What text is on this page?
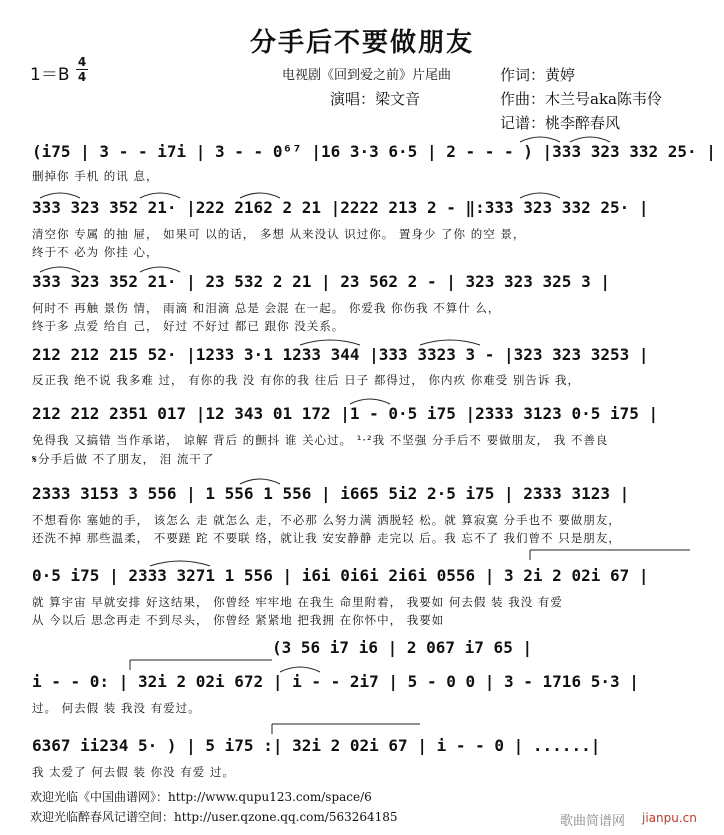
分手后不要做朋友
1＝B
4
4	电视剧《回到爱之前》片尾曲
演唱：梁文音
作词：黄婷
作曲：木兰号aka陈韦伶
记谱：桃李醉春风
(i75 | 3 - - i7i | 3 - - 0⁶⁷ |16 3·3 6·5 | 2 - - - ) |333 323 332 25· |
删掉你 手机 的讯 息，
333 323 352 21· |222 2162 2 21 |2222 213 2 - ‖:333 323 332 25· |
清空你 专属 的抽 屉， 如果可 以的话， 多想 从来没认 识过你。 置身少 了你 的空 景，
终于不 必为 你挂 心，
333 323 352 21· | 23 532 2 21 | 23 562 2 - | 323 323 325 3 |
何时不 再触 景伤 情， 雨滴 和泪滴 总是 会混 在一起。 你爱我 你伤我 不算什 么，
终于多 点爱 给自 己， 好过 不好过 都已 跟你 没关系。
212 212 215 52· |1233 3·1 1233 344 |333 3323 3 - |323 323 3253 |
反正我 绝不说 我多难 过， 有你的我 没 有你的我 往后 日子 都得过， 你内疚 你难受 别告诉 我，
212 212 2351 017 |12 343 01 172 |1 - 0·5 i75 |2333 3123 0·5 i75 |
免得我 又搞错 当作承诺， 谅解 背后 的颤抖 谁 关心过。 ¹·²我 不坚强 分手后不 要做朋友， 我 不善良
𝄋分手后做 不了朋友， 泪 流干了
2333 3153 3 556 | 1 556 1 556 | i665 5i2 2·5 i75 | 2333 3123 |
不想看你 塞她的手， 该怎么 走 就怎么 走，不必那 么努力满 洒脱轻 松。就 算寂寞 分手也不 要做朋友，
还洗不掉 那些温柔， 不要蹉 跎 不要联 络，就让我 安安静静 走完以 后。我 忘不了 我们曾不 只是朋友，
0·5 i75 | 2333 3271 1 556 | i6i 0i6i 2i6i 0556 | 3 2i 2 02i 67 |
就 算宇宙 早就安排 好这结果， 你曾经 牢牢地 在我生 命里附着， 我要如 何去假 装 我没 有爱
从 今以后 思念再走 不到尽头， 你曾经 紧紧地 把我拥 在你怀中， 我要如
(3 56 i7 i6 | 2 067 i7 65 |
i - - 0: | 32i 2 02i 672 | i - - 2i7 | 5 - 0 0 | 3 - 1716 5·3 |
过。 何去假 装 我没 有爱过。
6367 ii234 5· ) | 5 i75 :| 32i 2 02i 67 | i - - 0 | ......|
我 太爱了 何去假 装 你没 有爱 过。
欢迎光临《中国曲谱网》：http://www.qupu123.com/space/6
欢迎光临醉春风记谱空间：http://user.qzone.qq.com/563264185	歌曲简谱网 jianpu.cn
